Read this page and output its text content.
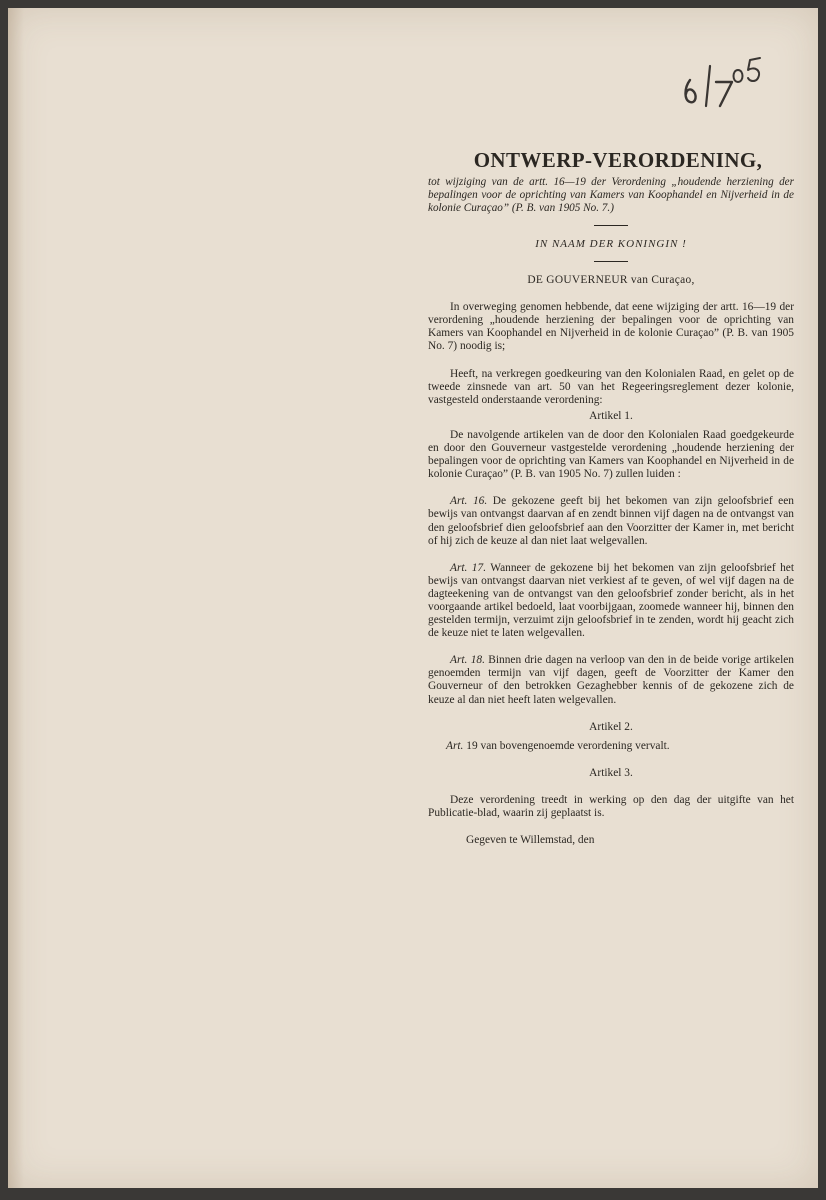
ONTWERP-VERORDENING,

tot wijziging van de artt. 16—19 der Verordening „houdende herziening der bepalingen voor de oprichting van Kamers van Koophandel en Nijverheid in de kolonie Curaçao” (P. B. van 1905 No. 7.)

IN NAAM DER KONINGIN !

DE GOUVERNEUR van Curaçao,

In overweging genomen hebbende, dat eene wijziging der artt. 16—19 der verordening „houdende herziening der bepalingen voor de oprichting van Kamers van Koophandel en Nijverheid in de kolonie Curaçao” (P. B. van 1905 No. 7) noodig is;

Heeft, na verkregen goedkeuring van den Kolonialen Raad, en gelet op de tweede zinsnede van art. 50 van het Regeeringsreglement dezer kolonie, vastgesteld onderstaande verordening:

Artikel 1.

De navolgende artikelen van de door den Kolonialen Raad goedgekeurde en door den Gouverneur vastgestelde verordening „houdende herziening der bepalingen voor de oprichting van Kamers van Koophandel en Nijverheid in de kolonie Curaçao” (P. B. van 1905 No. 7) zullen luiden :

Art. 16. De gekozene geeft bij het bekomen van zijn geloofsbrief een bewijs van ontvangst daarvan af en zendt binnen vijf dagen na de ontvangst van den geloofsbrief dien geloofsbrief aan den Voorzitter der Kamer in, met bericht of hij zich de keuze al dan niet laat welgevallen.

Art. 17. Wanneer de gekozene bij het bekomen van zijn geloofsbrief het bewijs van ontvangst daarvan niet verkiest af te geven, of wel vijf dagen na de dagteekening van de ontvangst van den geloofsbrief zonder bericht, als in het voorgaande artikel bedoeld, laat voorbijgaan, zoomede wanneer hij, binnen den gestelden termijn, verzuimt zijn geloofsbrief in te zenden, wordt hij geacht zich de keuze niet te laten welgevallen.

Art. 18. Binnen drie dagen na verloop van den in de beide vorige artikelen genoemden termijn van vijf dagen, geeft de Voorzitter der Kamer den Gouverneur of den betrokken Gezaghebber kennis of de gekozene zich de keuze al dan niet heeft laten welgevallen.

Artikel 2.

Art. 19 van bovengenoemde verordening vervalt.

Artikel 3.

Deze verordening treedt in werking op den dag der uitgifte van het Publicatie-blad, waarin zij geplaatst is.

Gegeven te Willemstad, den
